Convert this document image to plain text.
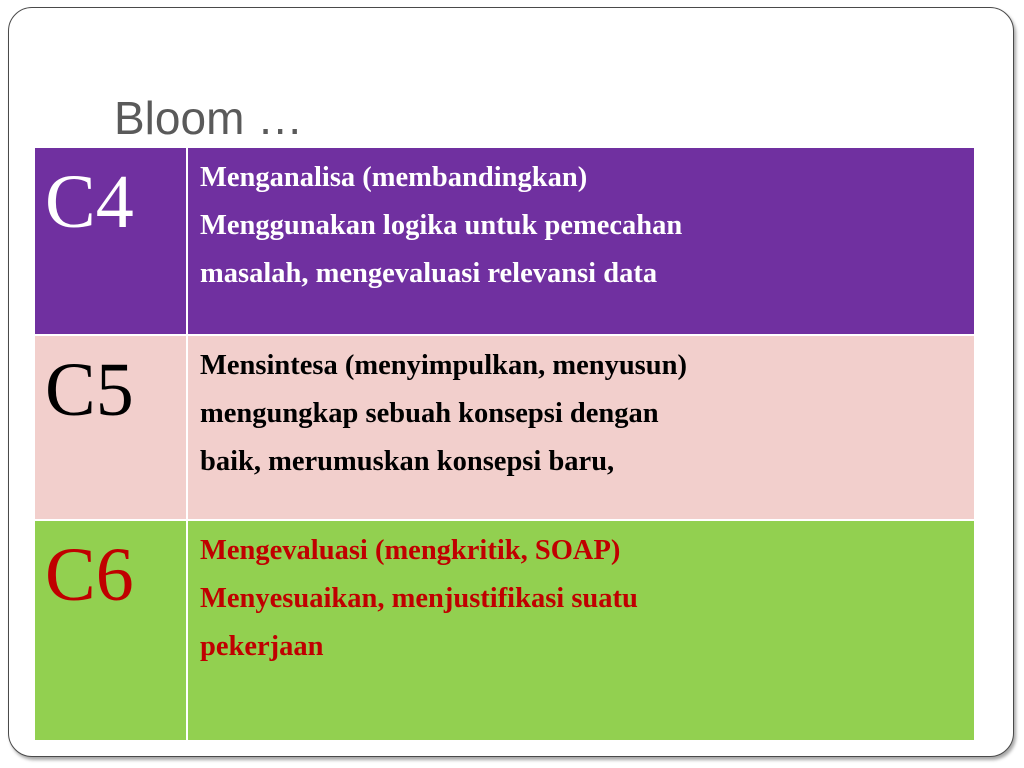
Bloom …
C4	Menganalisa (membandingkan)
Menggunakan logika untuk pemecahan
masalah, mengevaluasi relevansi data

C5	Mensintesa (menyimpulkan, menyusun)
mengungkap sebuah konsepsi dengan
baik, merumuskan konsepsi baru,

C6	Mengevaluasi (mengkritik, SOAP)
Menyesuaikan, menjustifikasi suatu
pekerjaan
